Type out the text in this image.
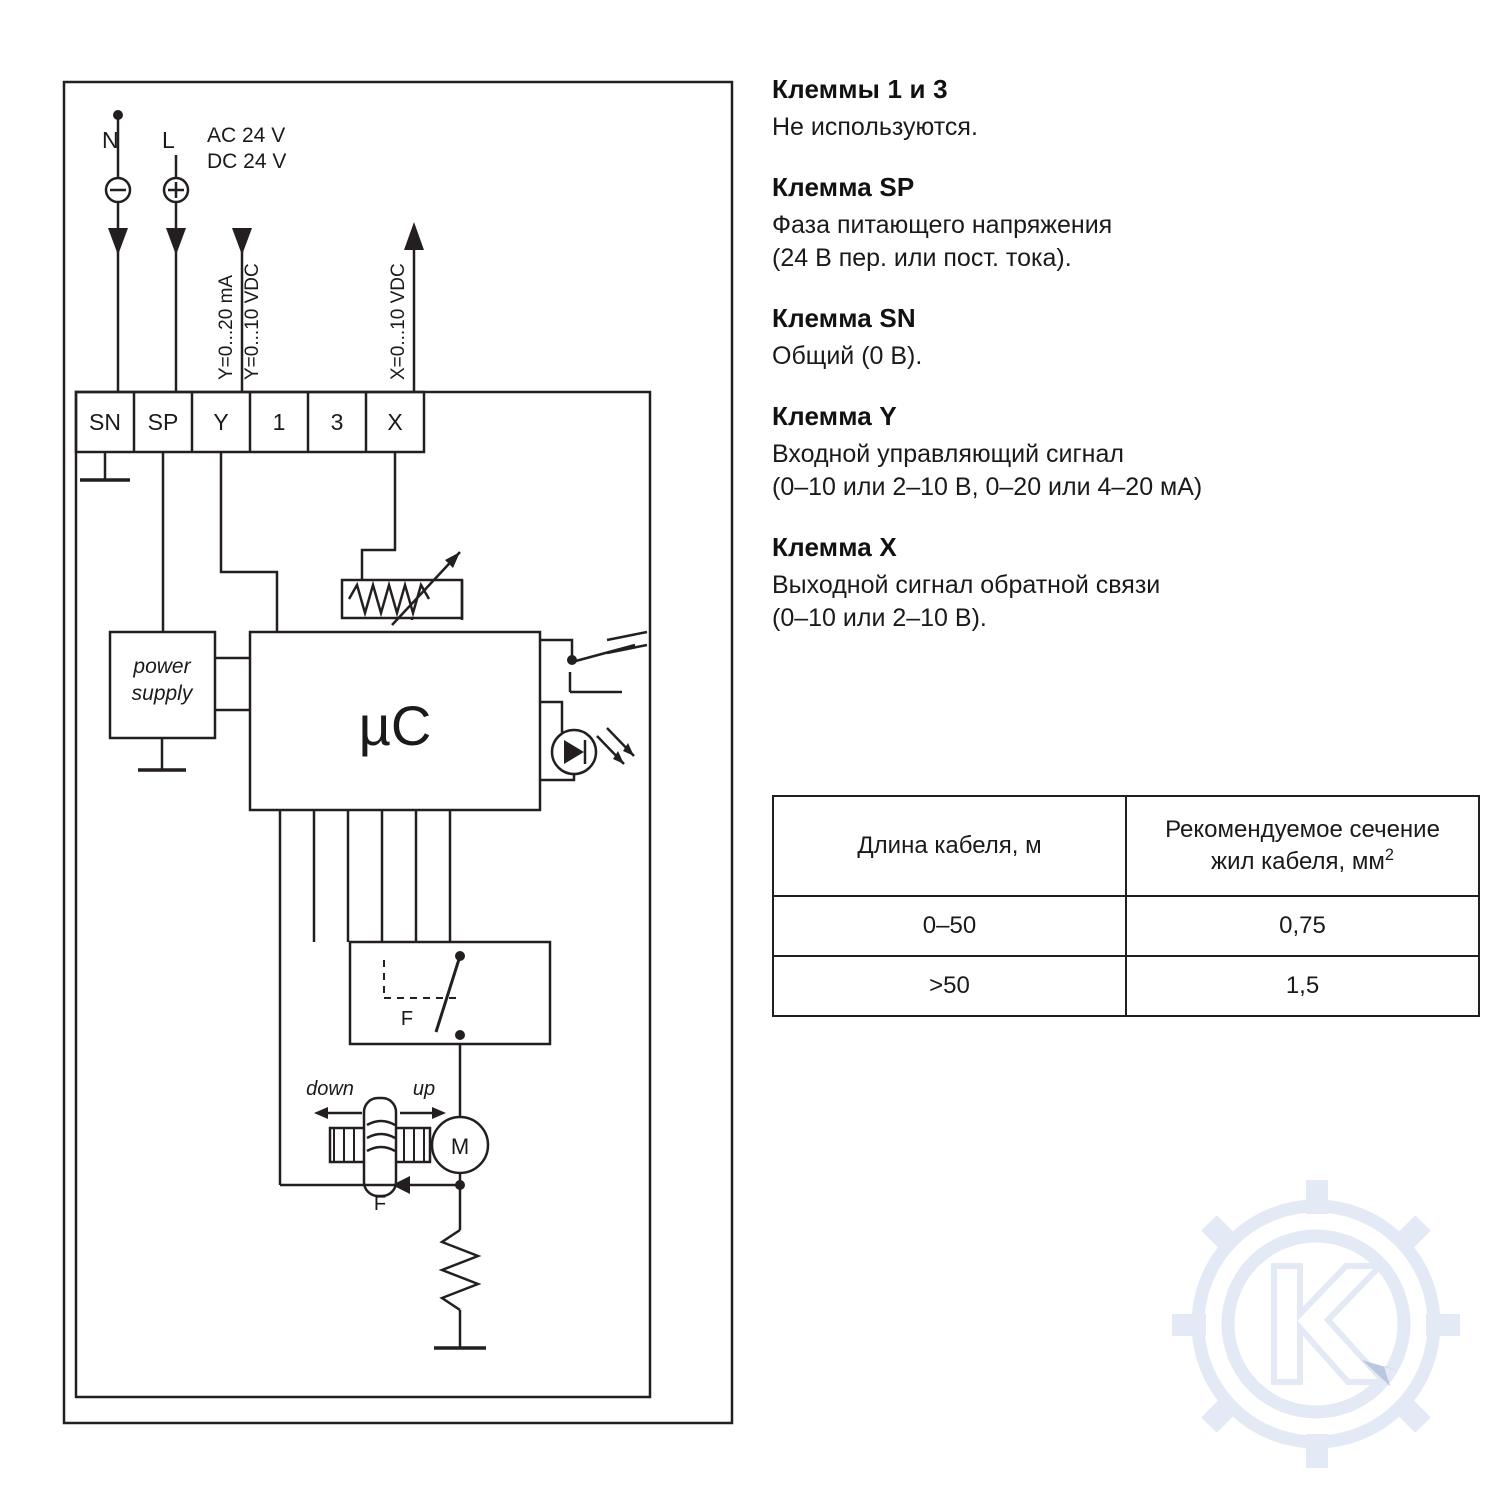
SN SP Y 1 3 X
power
supply
µC
F
M
down	up
F
N L AC 24 V
DC 24 V
Y=0...20 mA Y=0...10 VDC	X=0...10 VDC

Клеммы 1 и 3

Не используются.

Клемма SP

Фаза питающего напряжения
(24 В пер. или пост. тока).

Клемма SN

Общий (0 В).

Клемма Y

Входной управляющий сигнал
(0–10 или 2–10 В, 0–20 или 4–20 мА)

Клемма X

Выходной сигнал обратной связи
(0–10 или 2–10 В).

Длина кабеля, м	Рекомендуемое сечение
жил кабеля, $мм^2$
0–50	0,75
>50	1,5
